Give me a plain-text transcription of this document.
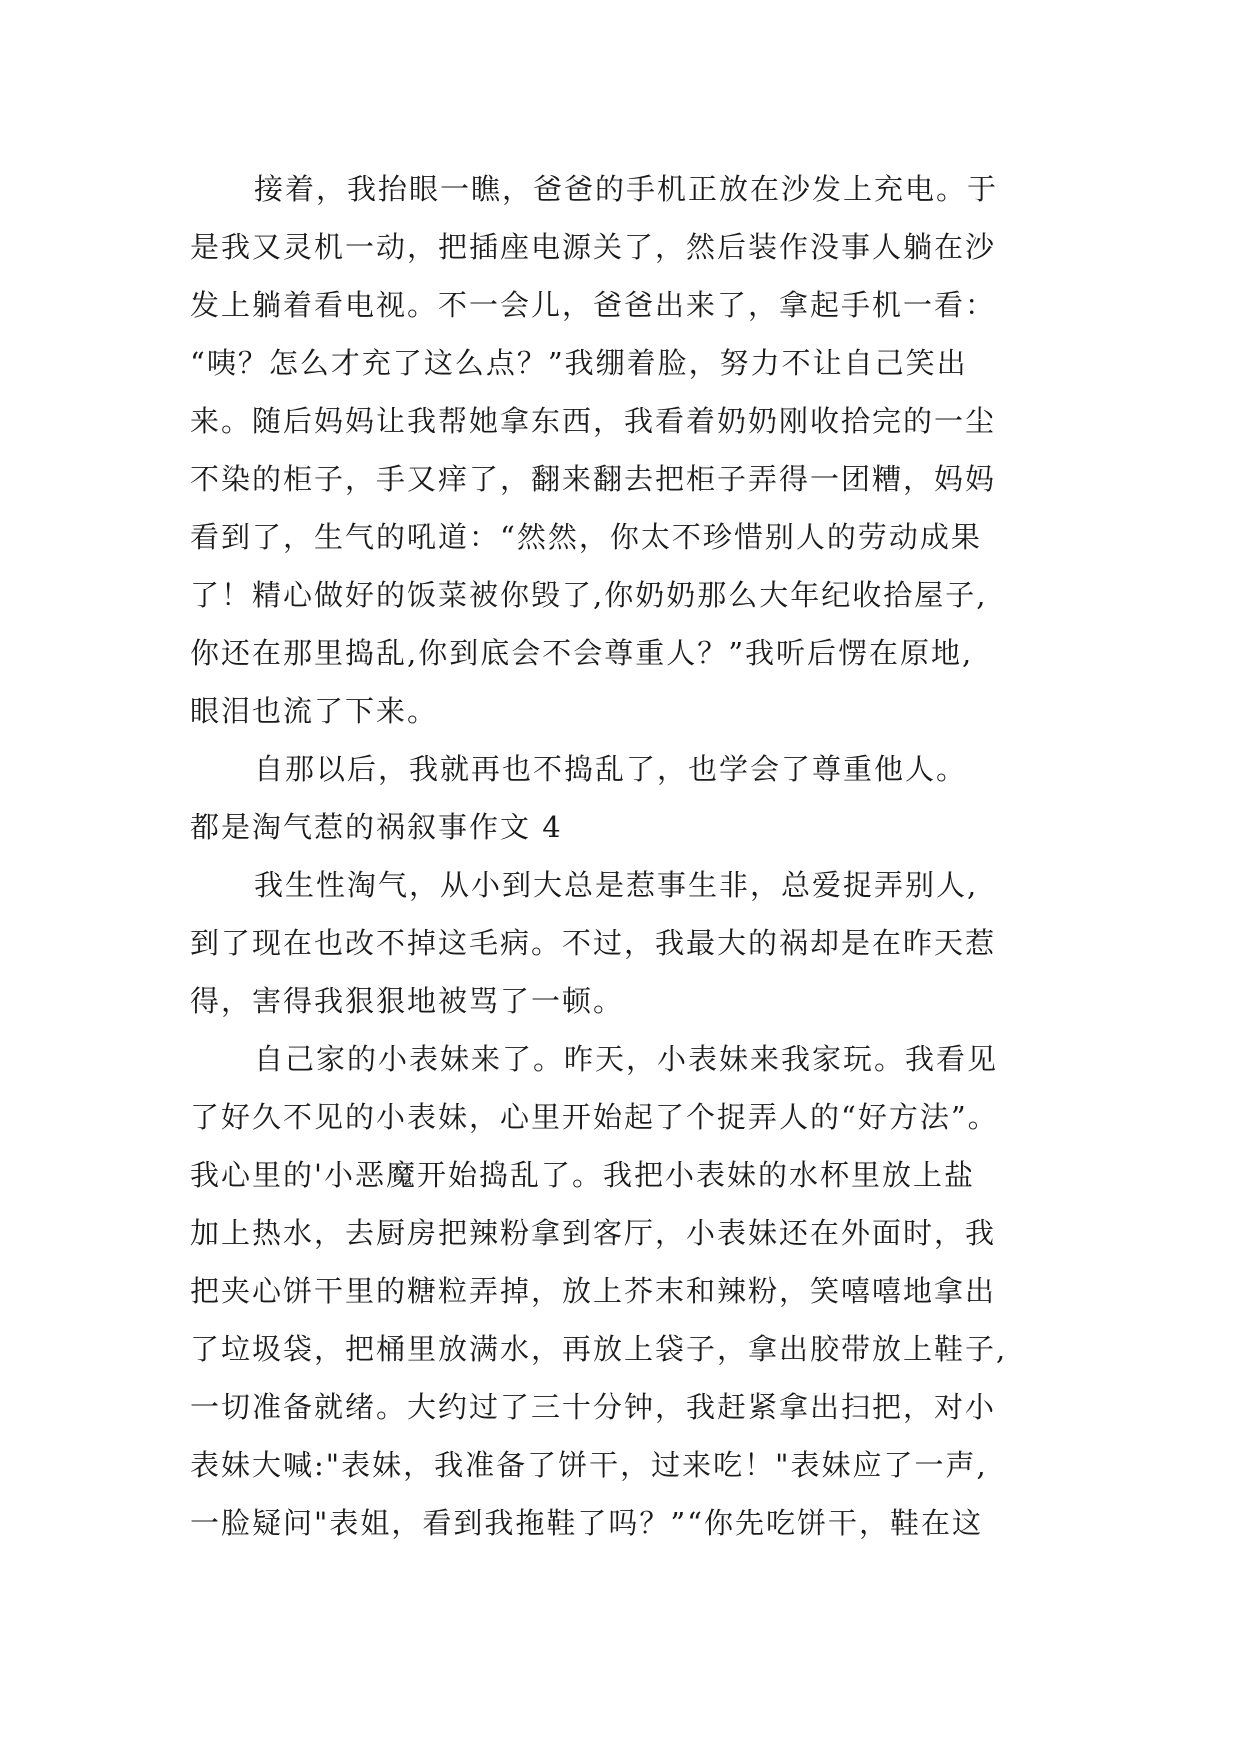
接着，我抬眼一瞧，爸爸的手机正放在沙发上充电。于
是我又灵机一动，把插座电源关了，然后装作没事人躺在沙
发上躺着看电视。不一会儿，爸爸出来了，拿起手机一看：
“咦？怎么才充了这么点？”我绷着脸，努力不让自己笑出
来。随后妈妈让我帮她拿东西，我看着奶奶刚收拾完的一尘
不染的柜子，手又痒了，翻来翻去把柜子弄得一团糟，妈妈
看到了，生气的吼道：“然然，你太不珍惜别人的劳动成果
了！精心做好的饭菜被你毁了,你奶奶那么大年纪收拾屋子,
你还在那里捣乱,你到底会不会尊重人？”我听后愣在原地,
眼泪也流了下来。
自那以后，我就再也不捣乱了，也学会了尊重他人。
都是淘气惹的祸叙事作文 4
我生性淘气，从小到大总是惹事生非，总爱捉弄别人,
到了现在也改不掉这毛病。不过，我最大的祸却是在昨天惹
得，害得我狠狠地被骂了一顿。
自己家的小表妹来了。昨天，小表妹来我家玩。我看见
了好久不见的小表妹，心里开始起了个捉弄人的“好方法”。
我心里的'小恶魔开始捣乱了。我把小表妹的水杯里放上盐
加上热水，去厨房把辣粉拿到客厅，小表妹还在外面时，我
把夹心饼干里的糖粒弄掉，放上芥末和辣粉，笑嘻嘻地拿出
了垃圾袋，把桶里放满水，再放上袋子，拿出胶带放上鞋子,
一切准备就绪。大约过了三十分钟，我赶紧拿出扫把，对小
表妹大喊:"表妹，我准备了饼干，过来吃！"表妹应了一声,
一脸疑问"表姐，看到我拖鞋了吗？”“你先吃饼干，鞋在这
